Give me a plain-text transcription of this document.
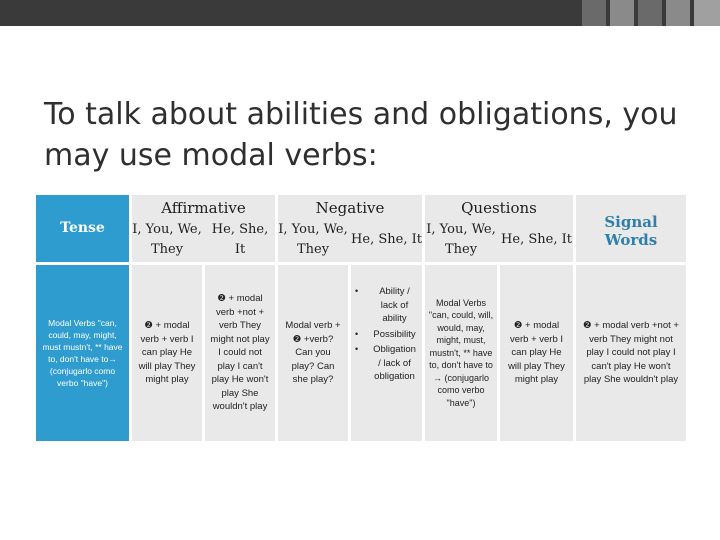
To talk about abilities and obligations, you may use modal verbs:
Tense
Affirmative	Negative	Questions
Signal Words
I, You, We, They
He, She, It
I, You, We, They
He, She, It
I, You, We, They
He, She, It
Modal Verbs "can, could, may, might, must mustn't, ** have to, don't have to→ (conjugarlo como verbo "have")
❷ + modal verb + verb I can play He will play They might play
❷ + modal verb +not + verb They might not play I could not play I can't play He won't play She wouldn't play
Modal verb + ❷ +verb? Can you play? Can she play?
• Ability / lack of ability
• Possibility
• Obligation / lack of obligation
Modal Verbs "can, could, will, would, may, might, must, mustn't, ** have to, don't have to → (conjugarlo como verbo "have")
❷ + modal verb + verb I can play He will play They might play
❷ + modal verb +not + verb They might not play I could not play I can't play He won't play She wouldn't play
